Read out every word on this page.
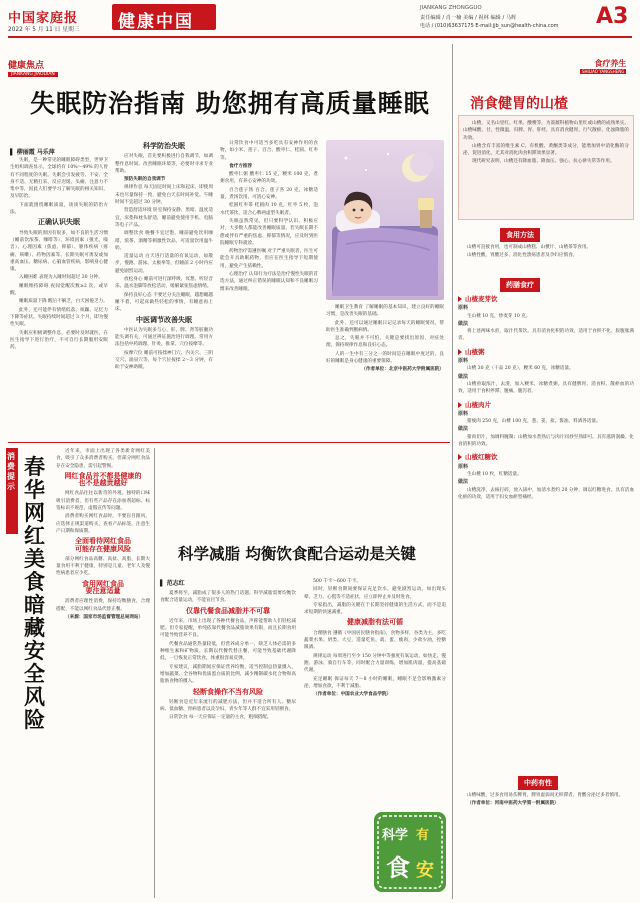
中国家庭报
2022 年 5 月 11 日 星期三 健康中国
JIANKANG ZHONGGUO
责任编辑 / 肖一楠 美编 / 祝林 编辑 / 马辉
电话 / (010)63637175 E-mail:jjb_sun@health-china.com A3
健康焦点
JIANKANG JIAODIAN
失眠防治指南 助您拥有高质量睡眠
▌ 柳丽霞 马乐萍

失眠，是一种常见的睡眠障碍类型，世界卫生组织调查显示，全球约有 10%～49% 的人曾有不同程度的失眠。失眠会引发疲劳、不安、全身不适、无精打采、反应迟缓、头痛、注意力不集中等，因此人们要学习了解失眠的相关知识，及早防治。

下面就围绕睡眠质量，谈谈失眠的防治方法。

正确认识失眠

导致失眠的原因有很多，如不良的生活习惯（睡前饮浓茶、咖啡等）、环境因素（强光、噪音）、心理因素（焦虑、抑郁）、躯体疾病（疼痛、咳嗽）、药物因素等。长期失眠可诱发或加重高血压、糖尿病、心脑血管疾病，影响身心健康。

入睡困难 表现为入睡时间超过 30 分钟。

睡眠维持障碍 夜间觉醒次数≥2 次，或早醒。

睡眠质量下降 醒后不解乏，白天困倦乏力。

此外，还可能伴有情绪低落、烦躁、记忆力下降等症状。失眠持续时间超过 3 个月，即为慢性失眠。

失眠应积极调整作息，必要时及时就医，在医生指导下进行治疗，不可自行长期服用安眠药。

科学防治失眠

应对失眠，首先要积极进行自我调节，如调整作息时间、改善睡眠环境等，必要时寻求专业帮助。

预防失眠的自我调节

规律作息 每天固定时间上床和起床，即使周末也尽量保持一致，避免白天长时间补觉。午睡时间不宜超过 30 分钟。

营造舒适环境 卧室保持安静、黑暗、温度适宜，床垫和枕头舒适，睡前避免使用手机、电脑等电子产品。

调整饮食 晚餐不宜过饱，睡前避免饮用咖啡、浓茶、酒精等刺激性饮品，可适量饮用温牛奶。

适量运动 白天进行适量的有氧运动，如散步、慢跑、游泳、太极拳等，但睡前 2 小时内应避免剧烈运动。

放松身心 睡前可进行深呼吸、冥想、听轻音乐、温水泡脚等放松活动，缓解紧张焦虑情绪。

保持良好心态 不要过分关注睡眠，越想睡越睡不着，可起床做些轻松的事情，有睡意再上床。

中医调节改善失眠

中医认为失眠多与心、肝、脾、肾等脏腑功能失调有关，可通过辨证施治进行调理。常用方法包括中药调理、针灸、推拿、穴位按摩等。

按摩穴位 睡前可按揉神门穴、内关穴、三阴交穴、涌泉穴等，每个穴位按揉 2～3 分钟，有助于安神助眠。

日常饮食中可适当多吃具有安神作用的食物，如小米、莲子、百合、酸枣仁、桂圆、红枣等。

食疗方推荐

酸枣仁粥 酸枣仁 15 克，粳米 100 克，煮粥食用，有养心安神的功效。

百合莲子汤 百合、莲子各 20 克，冰糖适量，煮汤饮用，可清心安神。

桂圆红枣茶 桂圆肉 10 克，红枣 5 枚，泡水代茶饮，适合心脾两虚型失眠者。

失眠虽然常见，但只要科学认识、积极应对，大多数人都能改善睡眠质量。若失眠长期不愈或伴有严重的焦虑、抑郁等情况，应及时到医院睡眠专科就诊。

药物治疗需遵医嘱 对于严重失眠者，医生可能会开具助眠药物，但应在医生指导下短期使用，避免产生依赖性。

心理治疗 认知行为疗法是治疗慢性失眠的首选方法，通过纠正错误的睡眠认知和不良睡眠习惯来改善睡眠。

睡眠卫生教育 了解睡眠的基本知识，建立良好的睡眠习惯，是改善失眠的基础。

此外，还可以通过睡眠日记记录每天的睡眠情况，帮助医生准确判断病情。

总之，失眠并不可怕，关键是要找出原因，对症处理，保持规律作息和良好心态。

人的一生中有三分之一的时间是在睡眠中度过的，良好的睡眠是身心健康的重要保障。

（作者单位：北京中医药大学附属医院）

食疗养生
SHILIAO YANGSHENG
消食健胃的山楂

山楂，又名山里红、红果、酸楂等，为蔷薇科植物山里红或山楂的成熟果实。山楂味酸、甘，性微温，归脾、胃、肝经，具有消食健胃、行气散瘀、化浊降脂的功效。

山楂含有丰富的维生素 C、有机酸、黄酮类等成分，能增加胃中消化酶的分泌，促进消化，尤其对消化肉食积滞效果显著。

现代研究表明，山楂还有降血脂、降血压、强心、抗心律失常等作用。

食用方法

山楂可直接食用，也可制成山楂糕、山楂片、山楂茶等食用。

山楂性酸，胃酸过多、消化性溃疡患者及孕妇应慎食。

药膳食疗
山楂麦芽饮
原料

生山楂 10 克，炒麦芽 10 克。

做法

将上述两味水煎，取汁代茶饮。具有消食化积的功效，适用于食积不化、脘腹胀满者。

山楂粥
原料

山楂 30 克（干品 20 克），粳米 60 克，冰糖适量。

做法

山楂煎取浓汁，去渣，加入粳米、冰糖煮粥。具有健脾胃、消食积、散瘀血的功效，适用于食积停滞、腹痛、腹泻者。

山楂肉片
原料

猪瘦肉 250 克，山楂 100 克，葱、姜、盐、酱油、料酒各适量。

做法

猪肉切片，加调料腌制；山楂加水煮熟后与肉片同炒至熟即可。具有滋阴润燥、化食消积的功效。

山楂红糖饮
原料

生山楂 10 枚，红糖适量。

做法

山楂洗净，去核打碎，放入锅中，加清水煮约 20 分钟，调以红糖进食。具有活血化瘀的功效，适用于妇女血瘀型痛经。

中药有性

山楂味酸，过多食用易伤脾胃，脾胃虚弱而无积滞者、胃酸分泌过多者慎用。

（作者单位：河南中医药大学第一附属医院）

消费提示
春华网红美食暗藏安全风险

近年来，市面上出现了各类新奇网红美食，吸引了众多消费者购买。但部分网红食品存在安全隐患，需引起警惕。

网红食品并不都是健康的
也不是越贵越好

网红食品往往以新奇的外观、独特的口味吸引消费者，但有些产品存在添加剂超标、标签标识不规范、虚假宣传等问题。

消费者购买网红食品时，不要盲目跟风，应选择正规渠道购买，查看产品标签，注意生产日期和保质期。

全面看待网红食品
可能存在健康风险

部分网红食品高糖、高盐、高脂，长期大量食用不利于健康，特别是儿童、老年人及慢性病患者应少吃。

食用网红食品
要注意适量

消费者应理性消费，保持均衡膳食，合理搭配，不能以网红食品代替正餐。

（来源：国家市场监督管理总局网站）

科学减脂 均衡饮食配合运动是关键
▌ 范志红

夏季将至，减脂成了很多人的热门话题。科学减脂需要均衡饮食配合适量运动，不能盲目节食。

仅靠代餐食品减脂并不可靠

近年来，市场上出现了各种代餐食品，声称能帮助人们轻松减肥。但专家提醒，单纯依靠代餐食品减脂效果有限，而且长期食用可能导致营养不良。

代餐食品通常热量较低，但营养成分单一，缺乏人体必需的多种维生素和矿物质。长期以代餐代替正餐，可能导致基础代谢降低，一旦恢复正常饮食，体重很容易反弹。

专家建议，减脂期间应保证营养均衡，适当控制总热量摄入，增加蔬菜、全谷物和优质蛋白质的比例，减少精制碳水化合物和高脂肪食物的摄入。

轻断食操作不当有风险

轻断食是近年来流行的减肥方法，但并不适合所有人。糖尿病、低血糖、胃病患者以及孕妇、青少年等人群不宜采用轻断食。

日常饮食 每一天应保证一定量的主食，粗细搭配。

500 千卡～600 千卡。

同时，轻断食期间要保证充足饮水，避免剧烈运动。如出现头晕、乏力、心慌等不适症状，应立即停止并及时进食。

专家指出，减脂的关键在于长期坚持健康的生活方式，而不是追求短期的快速减重。

健康减脂有法可循

合理膳食 遵循《中国居民膳食指南》，食物多样，谷类为主，多吃蔬菜水果、奶类、大豆，适量吃鱼、禽、蛋、瘦肉，少盐少油，控糖限酒。

规律运动 每周进行至少 150 分钟中等强度有氧运动，如快走、慢跑、游泳、骑自行车等，同时配合力量训练，增加肌肉量，提高基础代谢。

充足睡眠 保证每天 7～8 小时的睡眠，睡眠不足会影响激素分泌，增加食欲，不利于减脂。

（作者单位：中国农业大学食品学院）

科学 有
食 安
